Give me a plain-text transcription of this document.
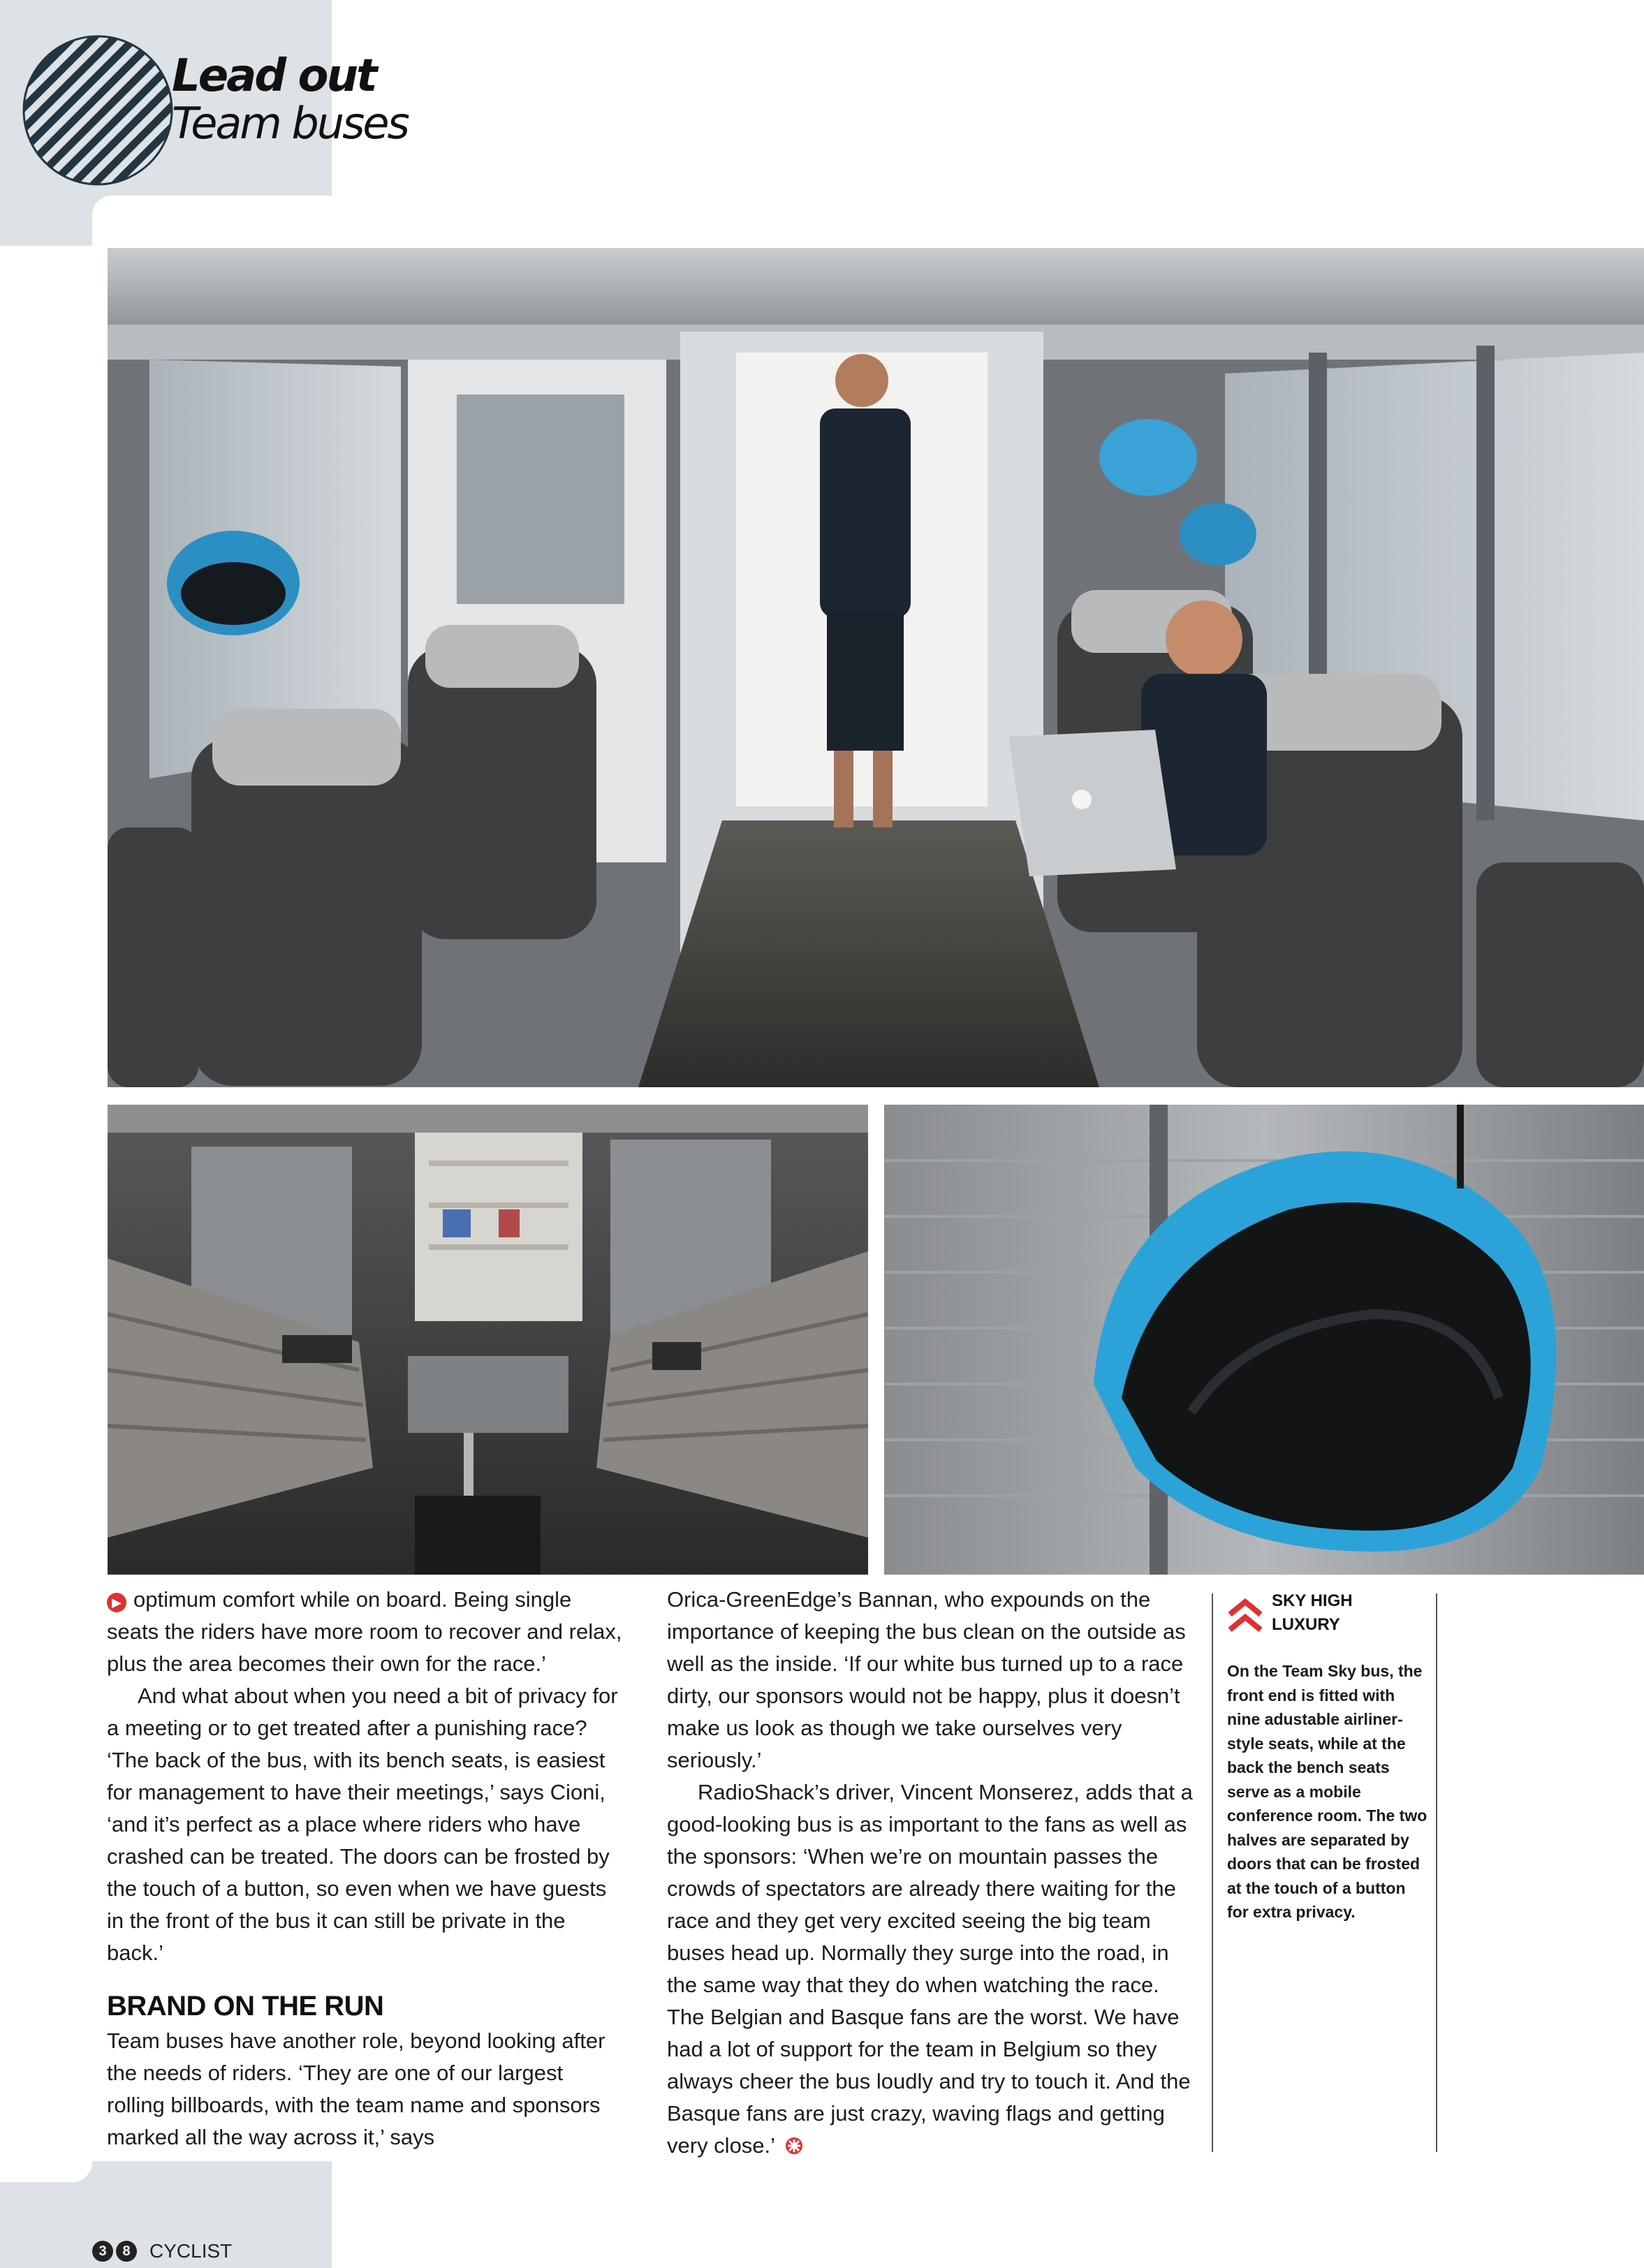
Lead out
Team buses

▶ optimum comfort while on board. Being single seats the riders have more room to recover and relax, plus the area becomes their own for the race.’

And what about when you need a bit of privacy for a meeting or to get treated after a punishing race? ‘The back of the bus, with its bench seats, is easiest for management to have their meetings,’ says Cioni, ‘and it’s perfect as a place where riders who have crashed can be treated. The doors can be frosted by the touch of a button, so even when we have guests in the front of the bus it can still be private in the back.’

BRAND ON THE RUN

Team buses have another role, beyond looking after the needs of riders. ‘They are one of our largest rolling billboards, with the team name and sponsors marked all the way across it,’ says

Orica-GreenEdge’s Bannan, who expounds on the importance of keeping the bus clean on the outside as well as the inside. ‘If our white bus turned up to a race dirty, our sponsors would not be happy, plus it doesn’t make us look as though we take ourselves very seriously.’

RadioShack’s driver, Vincent Monserez, adds that a good-looking bus is as important to the fans as well as the sponsors: ‘When we’re on mountain passes the crowds of spectators are already there waiting for the race and they get very excited seeing the big team buses head up. Normally they surge into the road, in the same way that they do when watching the race. The Belgian and Basque fans are the worst. We have had a lot of support for the team in Belgium so they always cheer the bus loudly and try to touch it. And the Basque fans are just crazy, waving flags and getting very close.’

SKY HIGH
LUXURY
On the Team Sky bus, the front end is fitted with nine adustable airliner-style seats, while at the back the bench seats serve as a mobile conference room. The two halves are separated by doors that can be frosted at the touch of a button for extra privacy.
3	8 CYCLIST
